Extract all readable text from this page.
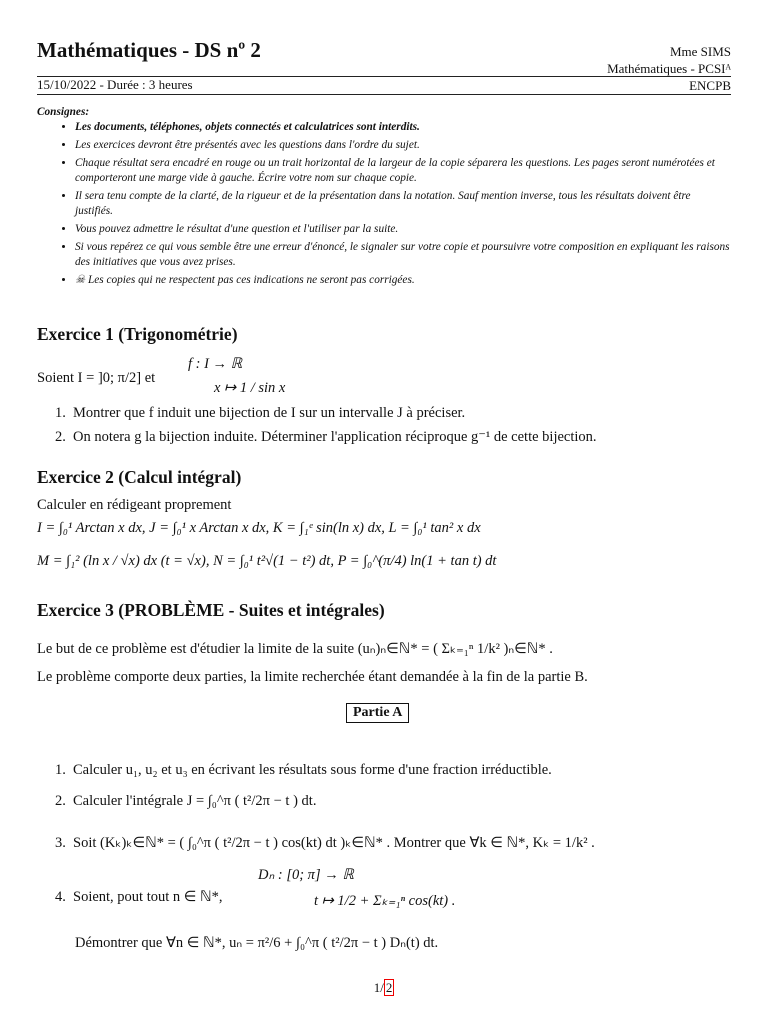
Mathématiques - DS nº 2	Mme SIMS
Mathématiques - PCSIᴬ
15/10/2022 - Durée : 3 heures	ENCPB
Consignes:
• Les documents, téléphones, objets connectés et calculatrices sont interdits.
• Les exercices devront être présentés avec les questions dans l'ordre du sujet.
• Chaque résultat sera encadré en rouge ou un trait horizontal de la largeur de la copie séparera les questions. Les pages seront numérotées et comporteront une marge vide à gauche. Écrire votre nom sur chaque copie.
• Il sera tenu compte de la clarté, de la rigueur et de la présentation dans la notation. Sauf mention inverse, tous les résultats doivent être justifiés.
• Vous pouvez admettre le résultat d'une question et l'utiliser par la suite.
• Si vous repérez ce qui vous semble être une erreur d'énoncé, le signaler sur votre copie et poursuivre votre composition en expliquant les raisons des initiatives que vous avez prises.
• ☠ Les copies qui ne respectent pas ces indications ne seront pas corrigées.
Exercice 1 (Trigonométrie)
Soient I = ]0; π/2] et
f : I → ℝ
x ↦ 1 / sin x
1. Montrer que f induit une bijection de I sur un intervalle J à préciser.
2. On notera g la bijection induite. Déterminer l'application réciproque g⁻¹ de cette bijection.
Exercice 2 (Calcul intégral)
Calculer en rédigeant proprement
I = ∫₀¹ Arctan x dx, J = ∫₀¹ x Arctan x dx, K = ∫₁ᵉ sin(ln x) dx, L = ∫₀¹ tan² x dx
M = ∫₁² (ln x / √x) dx (t = √x), N = ∫₀¹ t²√(1 − t²) dt, P = ∫₀^(π/4) ln(1 + tan t) dt
Exercice 3 (PROBLÈME - Suites et intégrales)
Le but de ce problème est d'étudier la limite de la suite (uₙ)ₙ∈ℕ* = ( Σₖ₌₁ⁿ 1/k² )ₙ∈ℕ* .
Le problème comporte deux parties, la limite recherchée étant demandée à la fin de la partie B.
Partie A
1. Calculer u₁, u₂ et u₃ en écrivant les résultats sous forme d'une fraction irréductible.
2. Calculer l'intégrale J = ∫₀^π ( t²/2π − t ) dt.
3. Soit (Kₖ)ₖ∈ℕ* = ( ∫₀^π ( t²/2π − t ) cos(kt) dt )ₖ∈ℕ* . Montrer que ∀k ∈ ℕ*, Kₖ = 1/k² .
Dₙ : [0; π] → ℝ
4. Soient, pout tout n ∈ ℕ*,	t ↦ 1/2 + Σₖ₌₁ⁿ cos(kt) .
Démontrer que ∀n ∈ ℕ*, uₙ = π²/6 + ∫₀^π ( t²/2π − t ) Dₙ(t) dt.
1/ 2
